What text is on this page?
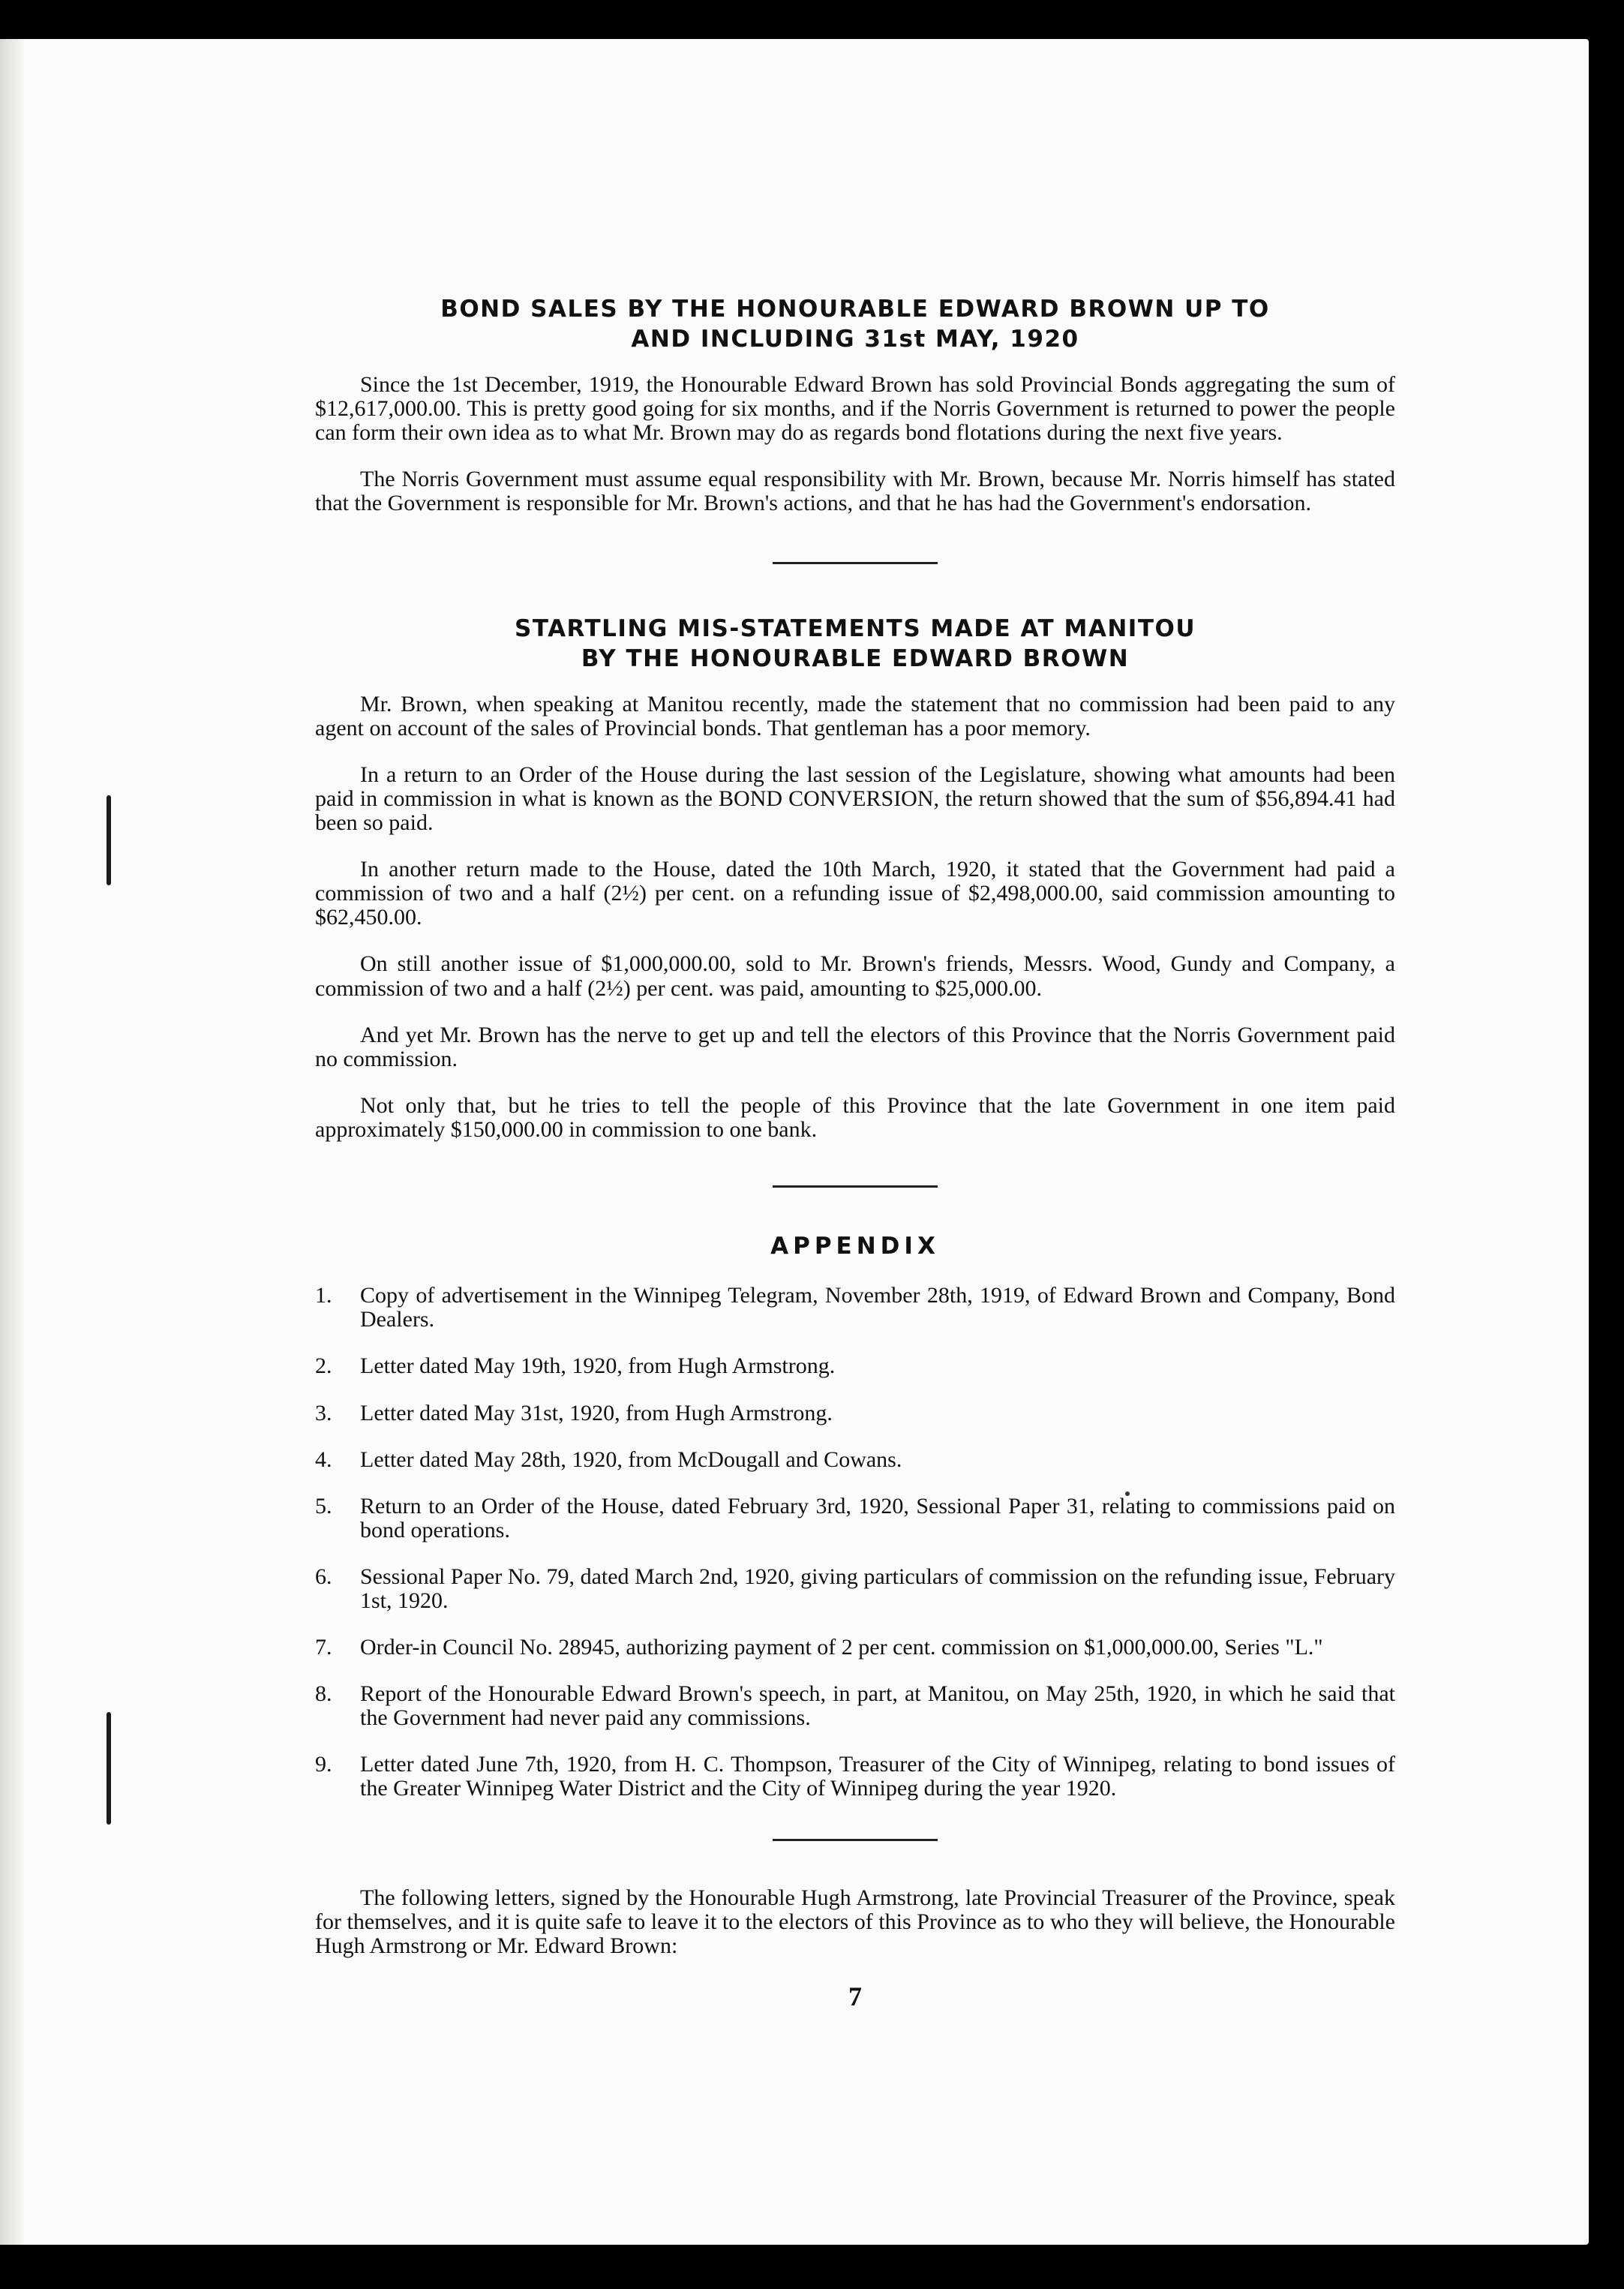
BOND SALES BY THE HONOURABLE EDWARD BROWN UP TO
AND INCLUDING 31st MAY, 1920

Since the 1st December, 1919, the Honourable Edward Brown has sold Provincial Bonds aggregating the sum of $12,617,000.00. This is pretty good going for six months, and if the Norris Government is returned to power the people can form their own idea as to what Mr. Brown may do as regards bond flotations during the next five years.

The Norris Government must assume equal responsibility with Mr. Brown, because Mr. Norris himself has stated that the Government is responsible for Mr. Brown's actions, and that he has had the Government's endorsation.

STARTLING MIS-STATEMENTS MADE AT MANITOU
BY THE HONOURABLE EDWARD BROWN

Mr. Brown, when speaking at Manitou recently, made the statement that no commission had been paid to any agent on account of the sales of Provincial bonds. That gentleman has a poor memory.

In a return to an Order of the House during the last session of the Legislature, showing what amounts had been paid in commission in what is known as the BOND CONVERSION, the return showed that the sum of $56,894.41 had been so paid.

In another return made to the House, dated the 10th March, 1920, it stated that the Government had paid a commission of two and a half (2½) per cent. on a refunding issue of $2,498,000.00, said commission amounting to $62,450.00.

On still another issue of $1,000,000.00, sold to Mr. Brown's friends, Messrs. Wood, Gundy and Company, a commission of two and a half (2½) per cent. was paid, amounting to $25,000.00.

And yet Mr. Brown has the nerve to get up and tell the electors of this Province that the Norris Government paid no commission.

Not only that, but he tries to tell the people of this Province that the late Government in one item paid approximately $150,000.00 in commission to one bank.

APPENDIX
1.	Copy of advertisement in the Winnipeg Telegram, November 28th, 1919, of Edward Brown and Company, Bond Dealers.
2.	Letter dated May 19th, 1920, from Hugh Armstrong.
3.	Letter dated May 31st, 1920, from Hugh Armstrong.
4.	Letter dated May 28th, 1920, from McDougall and Cowans.
5.	Return to an Order of the House, dated February 3rd, 1920, Sessional Paper 31, relating to commissions paid on bond operations.
6.	Sessional Paper No. 79, dated March 2nd, 1920, giving particulars of commission on the refunding issue, February 1st, 1920.
7.	Order-in Council No. 28945, authorizing payment of 2 per cent. commission on $1,000,000.00, Series "L."
8.	Report of the Honourable Edward Brown's speech, in part, at Manitou, on May 25th, 1920, in which he said that the Government had never paid any commissions.
9.	Letter dated June 7th, 1920, from H. C. Thompson, Treasurer of the City of Winnipeg, relating to bond issues of the Greater Winnipeg Water District and the City of Winnipeg during the year 1920.

The following letters, signed by the Honourable Hugh Armstrong, late Provincial Treasurer of the Province, speak for themselves, and it is quite safe to leave it to the electors of this Province as to who they will believe, the Honourable Hugh Armstrong or Mr. Edward Brown:

7
